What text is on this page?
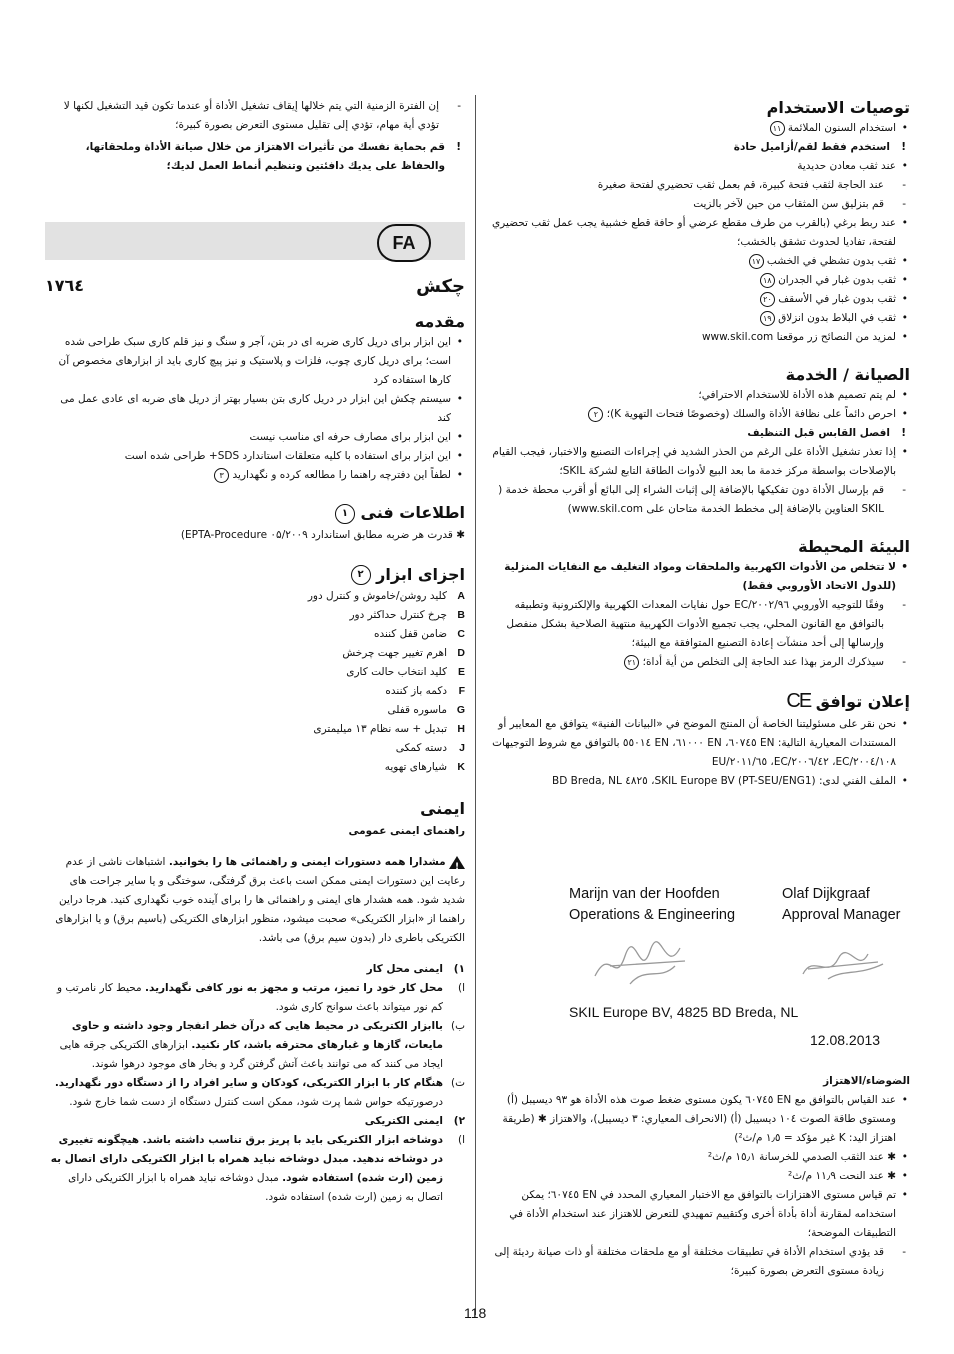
- إن الفترة الزمنية التي يتم خلالها إيقاف تشغيل الأداة أو عندما تكون قيد التشغيل لكنها لا تؤدي أية مهام، تؤدي إلى تقليل مستوى التعرض بصورة كبيرة؛

!
قم بحماية نفسك من تأثيرات الاهتزاز من خلال صيانة الأداة وملحقاتها، والحفاظ على يديك دافئتين وتنظيم أنماط العمل لديك؛

FA
چکش
۱۷٦٤
مقدمه
• این ابزار برای دریل کاری ضربه ای در بتن، آجر و سنگ و نیز قلم کاری سبک طراحی شده است؛ برای دریل کاری چوب، فلزات و پلاستیک و نیز پیچ کاری باید از ابزارهای مخصوص آن کارها استفاده کرد
• سیستم چکش این ابزار در دریل کاری بتن بسیار بهتر از دریل های ضربه ای عادی عمل می کند
• این ابزار برای مصارف حرفه ای مناسب نیست
• این ابزار برای استفاده با کلیه متعلقات استاندارد SDS+ طراحی شده است
• لطفاً این دفترچه راهنما را مطالعه کرده و نگهدارید ٣
اطلاعات فنی ١

✱ قدرت هر ضربه مطابق استاندارد EPTA-Procedure ۰۵/۲۰۰۹)

اجزای ابزار ٢
A
کلید روشن/خاموش و کنترل دور
B
چرخ کنترل حداکثر دور
C
ضامن قفل کننده
D
اهرم تغییر جهت چرخش
E
کلید انتخاب حالت کاری
F
دکمه باز کننده
G
ماسوره قفلی
H
تبدیل + سه نظام ۱۳ میلیمتری
J
دسته کمکی
K
شیارهای تهویه
ایمنی
راهنمای ایمنی عمومی

!
مشدارا همه دستورات ایمنی و راهنمائی ها را بخوانید. اشتباهات ناشی از عدم رعایت این دستورات ایمنی ممکن است باعث برق گرفتگی، سوختگی و یا سایر جراحت های شدید شود. همه هشدار های ایمنی و راهنمائی ها را برای آینده خوب نگهداری کنید. هرجا دراین راهنما از «ابزار الکتریکی» صحبت میشود، منظور ابزارهای الکتریکی (باسیم برق) و یا ابزارهای الکتریکی باطری دار (بدون سیم برق) می باشد.

۱)
ایمنی محل کار
ا)
محل کار خود را تمیز، مرتب و مجهز به نور کافی نگهدارید. محیط کار نامرتب و کم نور میتواند باعث سوانح کاری شود.
ب)
باابزار الکتریکی در محیط هایی که درآن خطر انفجار وجود داشته و حاوی مایعات، گازها و غبارهای محترقه باشد، کار نکنید. ابزارهای الکتریکی جرقه هایی ایجاد می کنند که می توانند باعث آتش گرفتن گرد و بخار های موجود درهوا شوند.
ت)
هنگام کار با ابزار الکتریکی، کودکان و سایر افراد را از دستگاه دور نگهدارید. درصورتیکه حواس شما پرت شود، ممکن است کنترل دستگاه از دست شما خارج شود.
۲)
ایمنی الکتریکی
ا)
دوشاخه ابزار الکتریکی باید با پریز برق تناسب داشته باشد. هیچگونه تغییری در دوشاخه ندهید. مبدل دوشاخه نباید همراه با ابزار الکتریکی دارای اتصال به زمین (ارت شده) استفاده شود. مبدل دوشاخه نباید همراه با ابزار الکتریکی دارای اتصال به زمین (ارت شده) استفاده شود.
توصيات الاستخدام
• استخدام السنون الملائمة ١١

!
استخدم فقط لقم/أزاميل حادة

• عند ثقب معادن حديدية
- عند الحاجة لثقب فتحة كبيرة، قم بعمل ثقب تحضيري لفتحة صغيرة
- قم بتزليق سن المثقاب من حين لآخر بالزيت
• عند ربط برغي (بالقرب من طرف مقطع عرضي أو حافة قطع خشبية يجب عمل ثقب تحضيري لفتحة، تفاديا لحدوث تشقق بالخشب؛
• ثقب بدون تشظي في الخشب ١٧
• ثقب بدون غبار في الجدران ١٨
• ثقب بدون غبار في الأسقف ٢٠
• ثقب في البلاط بدون انزلاق ١٩
• لمزيد من النصائح زر موقعنا www.skil.com
الصيانة / الخدمة
• لم يتم تصميم هذه الأداة للاستخدام الاحترافي؛
• احرص دائماً على نظافة الأداة والسلك (وخصوصًا فتحات التهوية K)؛ ٢

!
افصل القابس قبل التنظيف

• إذا تعذر تشغيل الأداة على الرغم من الحذر الشديد في إجراءات التصنيع والاختبار، فيجب القيام بالإصلاحات بواسطة مركز خدمة ما بعد البيع لأدوات الطاقة التابع لشركة SKIL؛
- قم بإرسال الأداة دون تفكيكها بالإضافة إلى إثبات الشراء إلى البائع أو أقرب محطة خدمة ( SKIL العناوين بالإضافة إلى مخطط الخدمة متاحان على www.skil.com)
البيئة المحيطة
• لا تتخلص من الأدوات الكهربية والملحقات ومواد التغليف مع النفايات المنزلية (للدول الاتحاد الأوروبي فقط)
- وفقًا للتوجيه الأوروبي ٢٠٠٢/٩٦/EC حول نفايات المعدات الكهربية والإلكترونية وتطبيقه بالتوافق مع القانون المحلي، يجب تجميع الأدوات الكهربية منتهية الصلاحية بشكل منفصل وإرسالها إلى أحد منشآت إعادة التصنيع المتوافقة مع البيئة؛
- سيذكرك الرمز بهذا عند الحاجة إلى التخلص من أية أداة؛ ٢١
إعلان توافق CE
• نحن نقر على مسئوليتنا الخاصة أن المنتج الموضح في «البيانات الفنية» يتوافق مع المعايير أو المستندات المعيارية التالية: EN ٦٠٧٤٥، EN ٦١٠٠٠، EN ٥٥٠١٤ بالتوافق مع شروط التوجيهات ٢٠٠٤/١٠٨/EC، ٢٠٠٦/٤٢/EC، ٢٠١١/٦٥/EU
• الملف الفني لدى: SKIL Europe BV (PT-SEU/ENG1)، ٤٨٢٥ BD Breda, NL
Marijn van der Hoofden
Operations & Engineering
Olaf Dijkgraaf
Approval Manager
SKIL Europe BV, 4825 BD Breda, NL
12.08.2013
الضوضاء/الاهتزاز
• عند القياس بالتوافق مع EN ٦٠٧٤٥ يكون مستوى ضغط صوت هذه الأداة هو ٩٣ ديسيبل (أ) ومستوى طاقة الصوت ١٠٤ ديسيبل (أ) (الانحراف المعياري: ٣ ديسيبل)، والاهتزاز ✱ (طريقة اهتزاز اليد: K غير مؤكد = ١٫٥ م/ث²)
• ✱ عند الثقب الصدمي للخرسانة ١٥٫١ م/ث²
• ✱ عند النحت ١١٫٩ م/ث²
• تم قياس مستوى الاهتزازات بالتوافق مع الاختبار المعياري المحدد في EN ٦٠٧٤٥؛ يمكن استخدامه لمقارنة أداة بأداة أخرى وكتقييم تمهيدي للتعرض للاهتزاز عند استخدام الأداة في التطبيقات الموضحة؛
- قد يؤدي استخدام الأداة في تطبيقات مختلفة أو مع ملحقات مختلفة أو ذات صيانة رديئة إلى زيادة مستوى التعرض بصورة كبيرة؛
118
